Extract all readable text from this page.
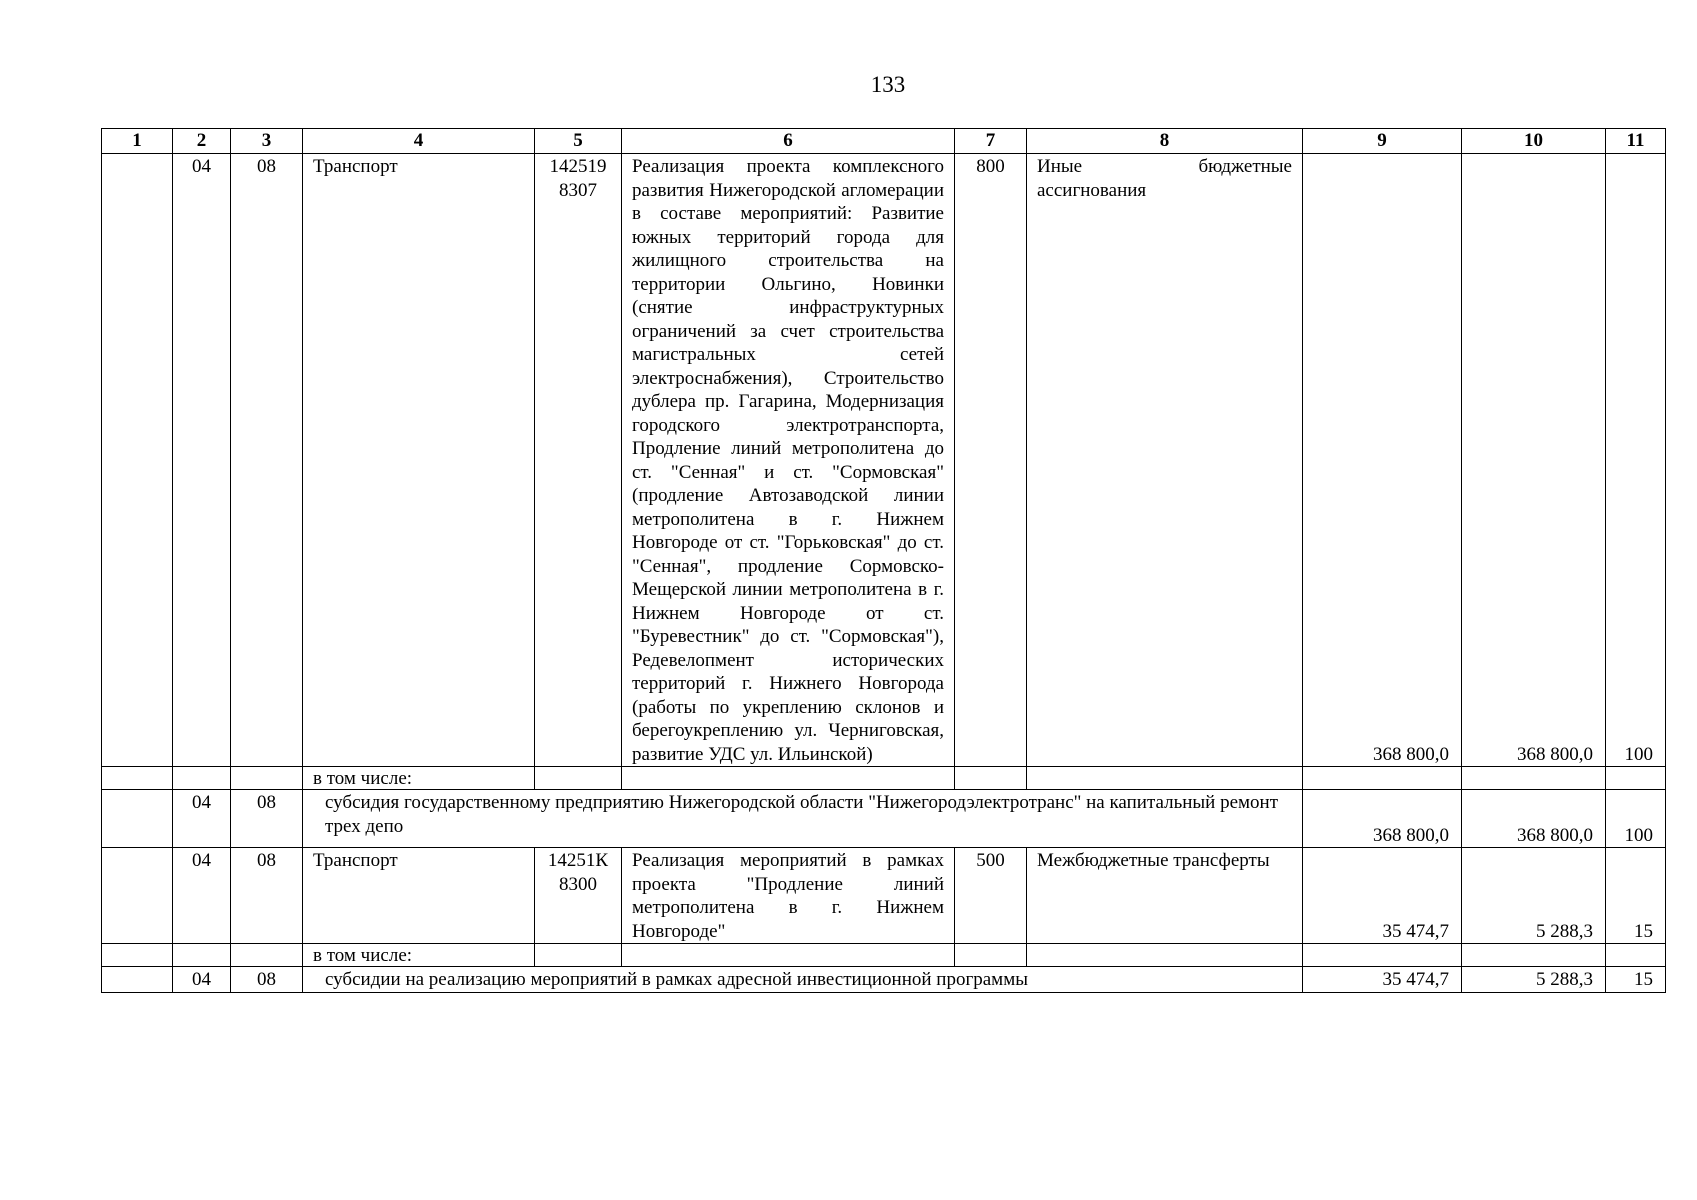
133
1	2	3	4	5	6	7	8	9	10	11
	04	08	Транспорт	142519 8307	Реализация проекта комплексного развития Нижегородской агломерации в составе мероприятий: Развитие южных территорий города для жилищного строительства на территории Ольгино, Новинки (снятие инфраструктурных ограничений за счет строительства магистральных сетей электроснабжения), Строительство дублера пр. Гагарина, Модернизация городского электротранспорта, Продление линий метрополитена до ст. "Сенная" и ст. "Сормовская" (продление Автозаводской линии метрополитена в г. Нижнем Новгороде от ст. "Горьковская" до ст. "Сенная", продление Сормовско-Мещерской линии метрополитена в г. Нижнем Новгороде от ст. "Буревестник" до ст. "Сормовская"), Редевелопмент исторических территорий г. Нижнего Новгорода (работы по укреплению склонов и берегоукреплению ул. Черниговская, развитие УДС ул. Ильинской)	800	Иные бюджетные ассигнования	368 800,0	368 800,0	100
			в том числе:							
	04	08	субсидия государственному предприятию Нижегородской области "Нижегородэлектротранс" на капитальный ремонт трех депо					368 800,0	368 800,0	100
	04	08	Транспорт	14251К 8300	Реализация мероприятий в рамках проекта "Продление линий метрополитена в г. Нижнем Новгороде"	500	Межбюджетные трансферты	35 474,7	5 288,3	15
			в том числе:							
	04	08	субсидии на реализацию мероприятий в рамках адресной инвестиционной программы					35 474,7	5 288,3	15
